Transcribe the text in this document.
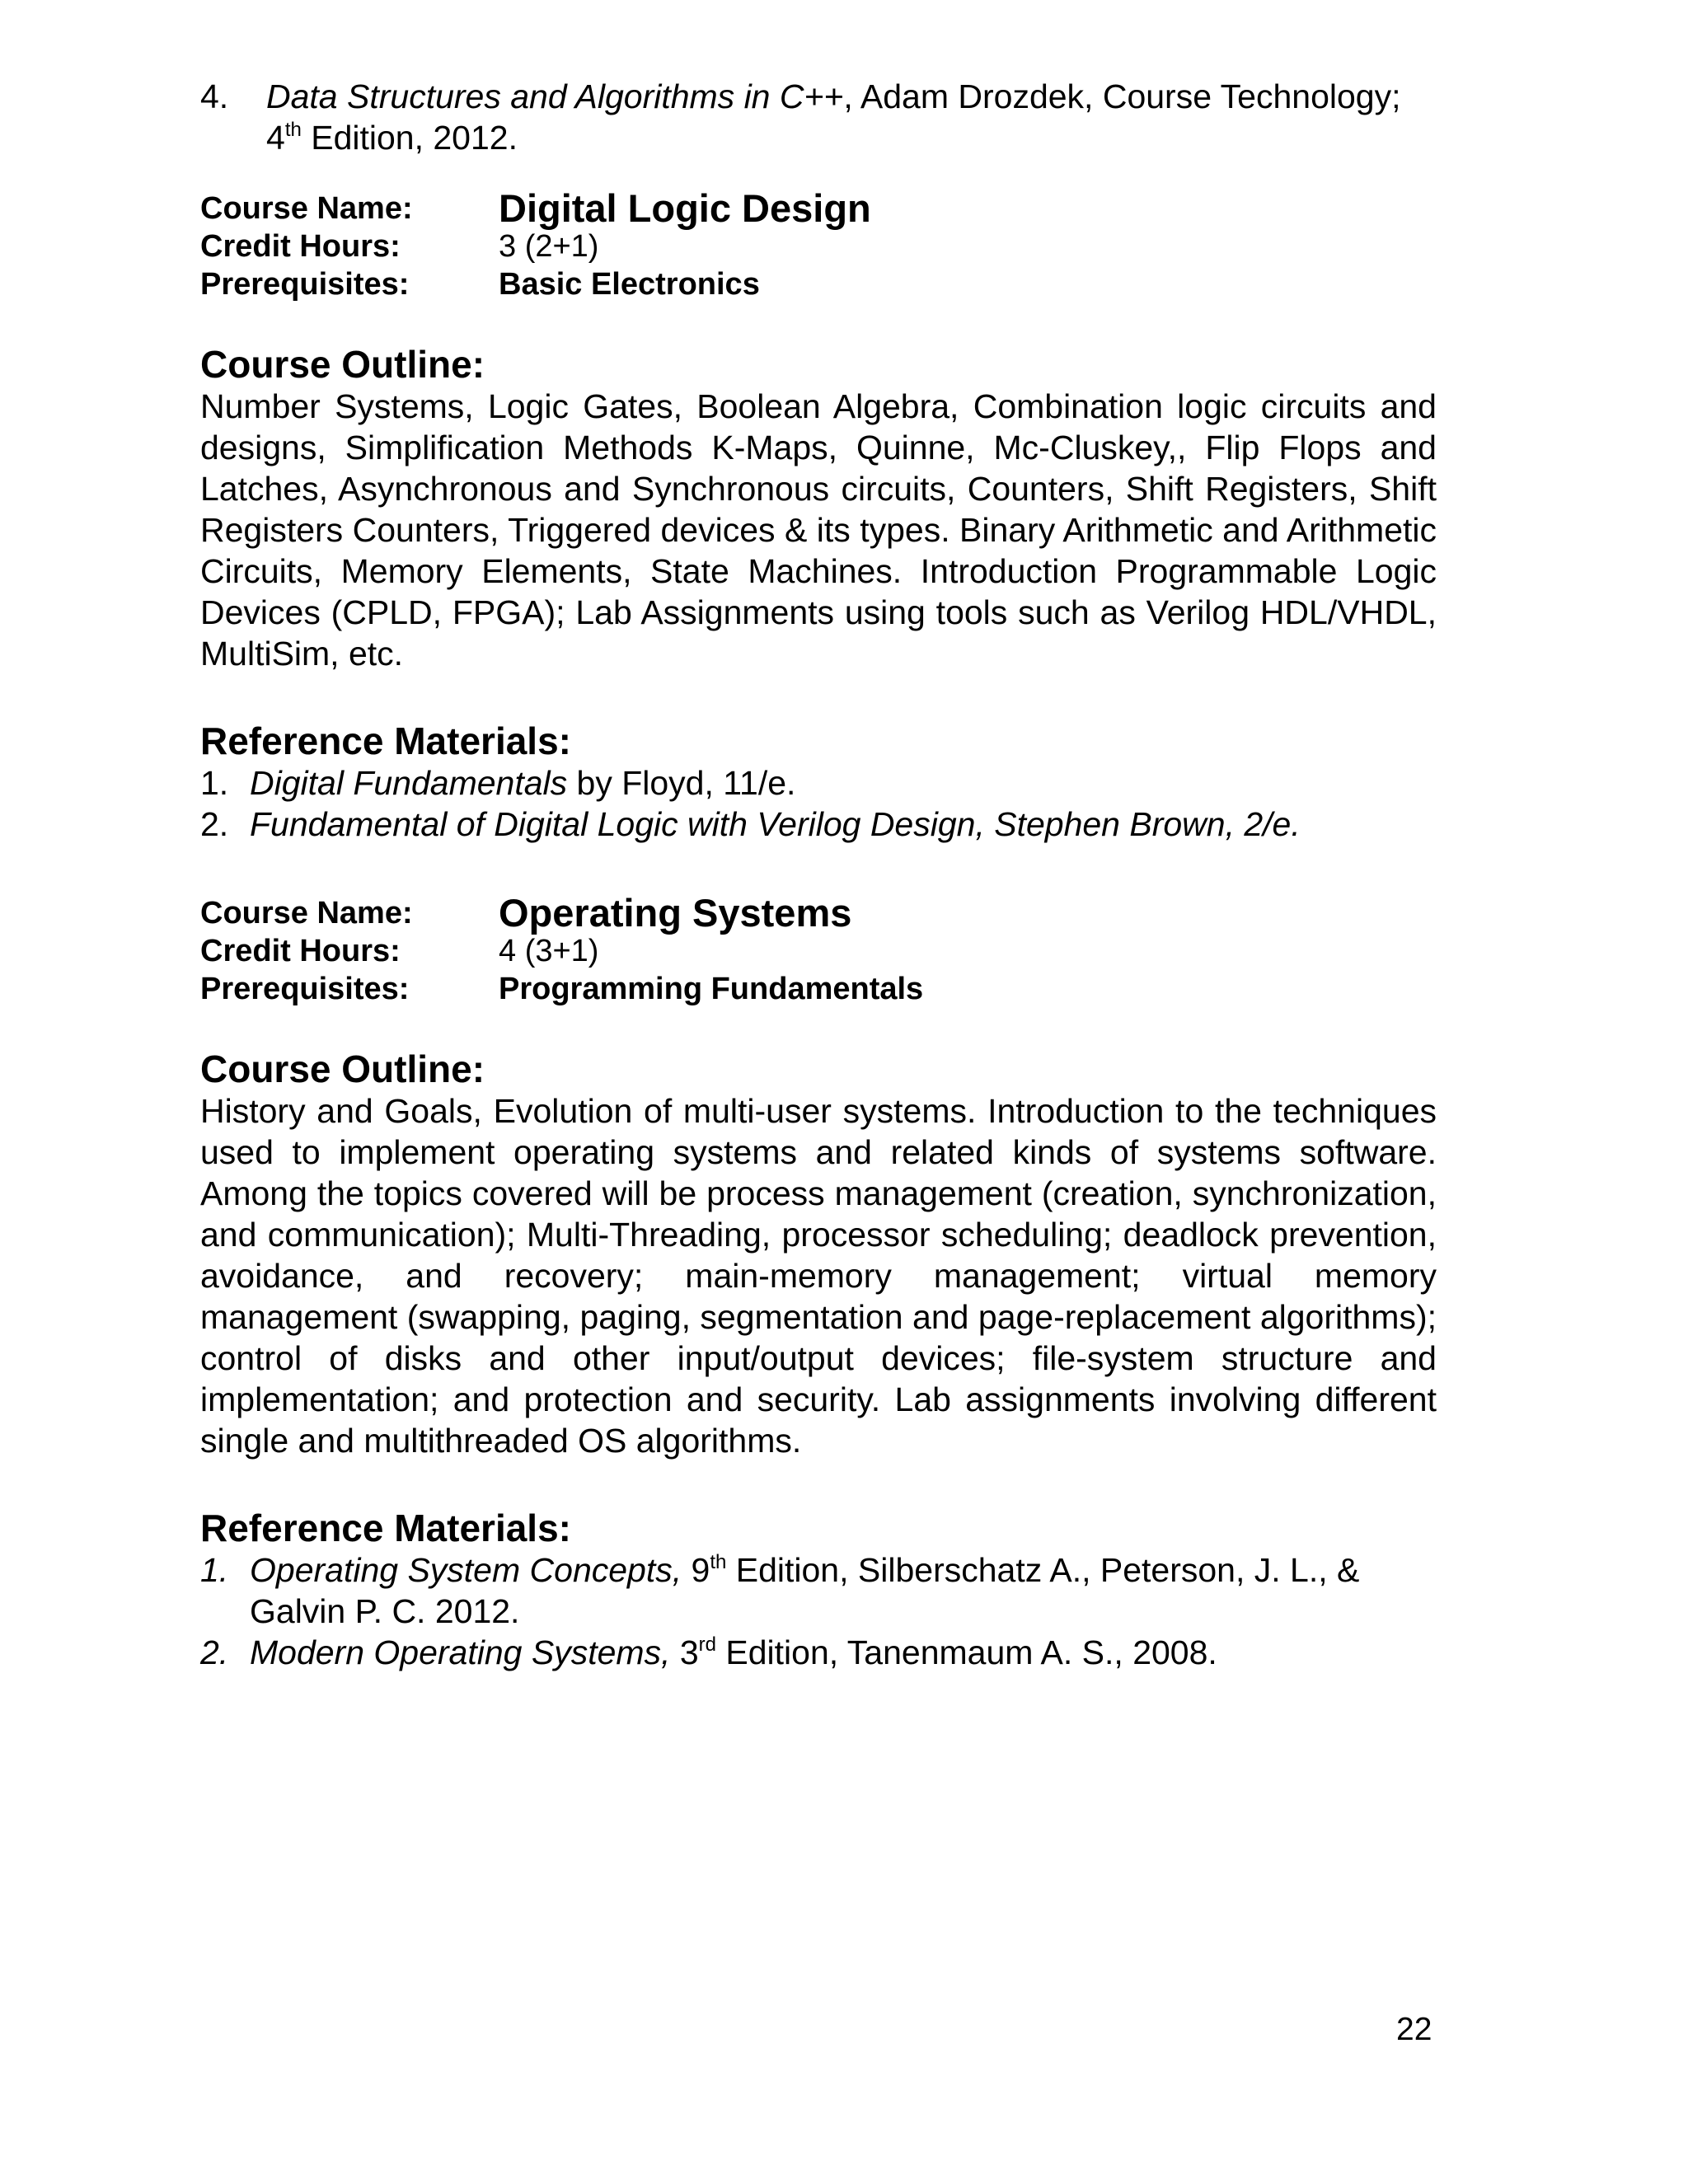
4. Data Structures and Algorithms in C++, Adam Drozdek, Course Technology; 4th Edition, 2012.
Course Name:	Digital Logic Design
Credit Hours:	3 (2+1)
Prerequisites:	Basic Electronics
Course Outline:

Number Systems, Logic Gates, Boolean Algebra, Combination logic circuits and designs, Simplification Methods K-Maps, Quinne, Mc-Cluskey,, Flip Flops and Latches, Asynchronous and Synchronous circuits, Counters, Shift Registers, Shift Registers Counters, Triggered devices & its types. Binary Arithmetic and Arithmetic Circuits, Memory Elements, State Machines. Introduction Programmable Logic Devices (CPLD, FPGA); Lab Assignments using tools such as Verilog HDL/VHDL, MultiSim, etc.

Reference Materials:
1. Digital Fundamentals by Floyd, 11/e.
2. Fundamental of Digital Logic with Verilog Design, Stephen Brown, 2/e.
Course Name:	Operating Systems
Credit Hours:	4 (3+1)
Prerequisites:	Programming Fundamentals
Course Outline:

History and Goals, Evolution of multi-user systems. Introduction to the techniques used to implement operating systems and related kinds of systems software. Among the topics covered will be process management (creation, synchronization, and communication); Multi-Threading, processor scheduling; deadlock prevention, avoidance, and recovery; main-memory management; virtual memory management (swapping, paging, segmentation and page-replacement algorithms); control of disks and other input/output devices; file-system structure and implementation; and protection and security. Lab assignments involving different single and multithreaded OS algorithms.

Reference Materials:
1. Operating System Concepts, 9th Edition, Silberschatz A., Peterson, J. L., & Galvin P. C. 2012.
2. Modern Operating Systems, 3rd Edition, Tanenmaum A. S., 2008.
22
